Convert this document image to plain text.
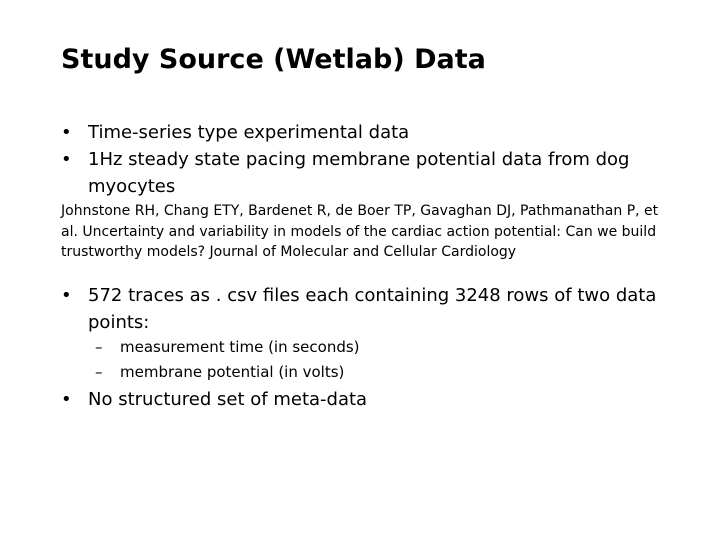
Study Source (Wetlab) Data
• Time-series type experimental data
• 1Hz steady state pacing membrane potential data from dog myocytes
Johnstone RH, Chang ETY, Bardenet R, de Boer TP, Gavaghan DJ, Pathmanathan P, et al. Uncertainty and variability in models of the cardiac action potential: Can we build trustworthy models? Journal of Molecular and Cellular Cardiology
• 572 traces as . csv files each containing 3248 rows of two data points:
–	measurement time (in seconds)
–	membrane potential (in volts)
• No structured set of meta-data
